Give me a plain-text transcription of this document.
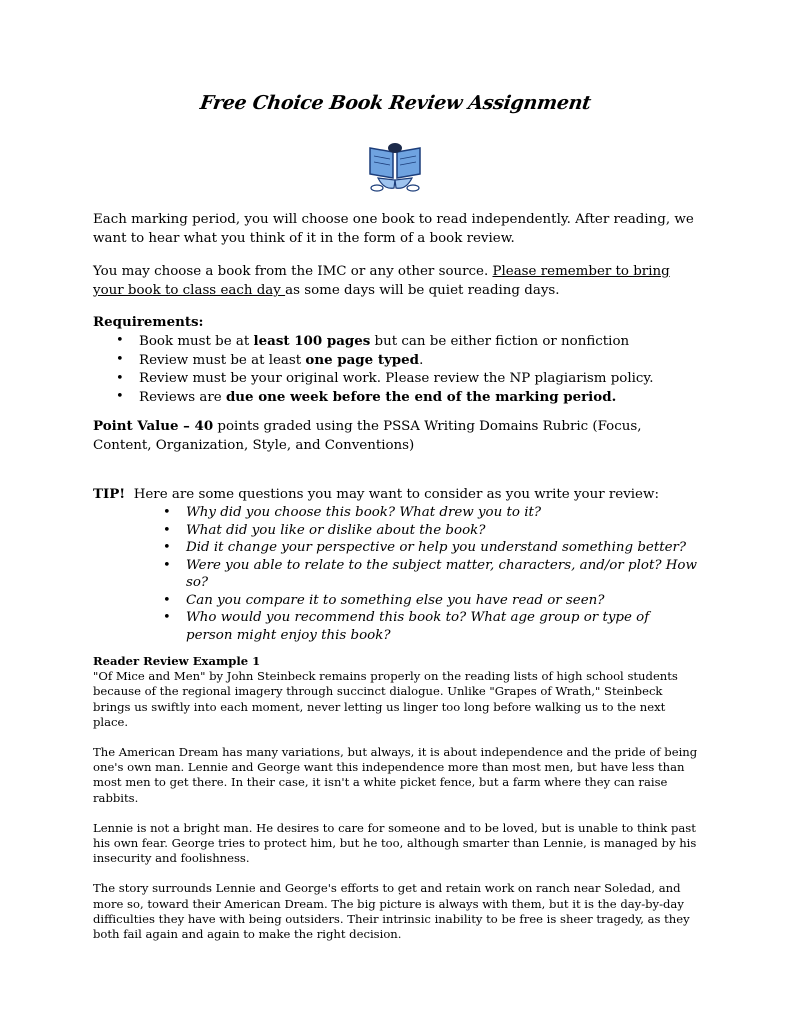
Free Choice Book Review Assignment

Each marking period, you will choose one book to read independently. After reading, we want to hear what you think of it in the form of a book review.

You may choose a book from the IMC or any other source. Please remember to bring your book to class each day as some days will be quiet reading days.

Requirements:

• Book must be at least 100 pages but can be either fiction or nonfiction
• Review must be at least one page typed.
• Review must be your original work. Please review the NP plagiarism policy.
• Reviews are due one week before the end of the marking period.

Point Value – 40 points graded using the PSSA Writing Domains Rubric (Focus, Content, Organization, Style, and Conventions)

TIP!  Here are some questions you may want to consider as you write your review:

• Why did you choose this book? What drew you to it?
• What did you like or dislike about the book?
• Did it change your perspective or help you understand something better?
• Were you able to relate to the subject matter, characters, and/or plot? How so?
• Can you compare it to something else you have read or seen?
• Who would you recommend this book to? What age group or type of person might enjoy this book?

Reader Review Example 1

"Of Mice and Men" by John Steinbeck remains properly on the reading lists of high school students because of the regional imagery through succinct dialogue. Unlike "Grapes of Wrath," Steinbeck brings us swiftly into each moment, never letting us linger too long before walking us to the next place.

The American Dream has many variations, but always, it is about independence and the pride of being one's own man. Lennie and George want this independence more than most men, but have less than most men to get there. In their case, it isn't a white picket fence, but a farm where they can raise rabbits.

Lennie is not a bright man. He desires to care for someone and to be loved, but is unable to think past his own fear. George tries to protect him, but he too, although smarter than Lennie, is managed by his insecurity and foolishness.

The story surrounds Lennie and George's efforts to get and retain work on ranch near Soledad, and more so, toward their American Dream. The big picture is always with them, but it is the day-by-day difficulties they have with being outsiders. Their intrinsic inability to be free is sheer tragedy, as they both fail again and again to make the right decision.
